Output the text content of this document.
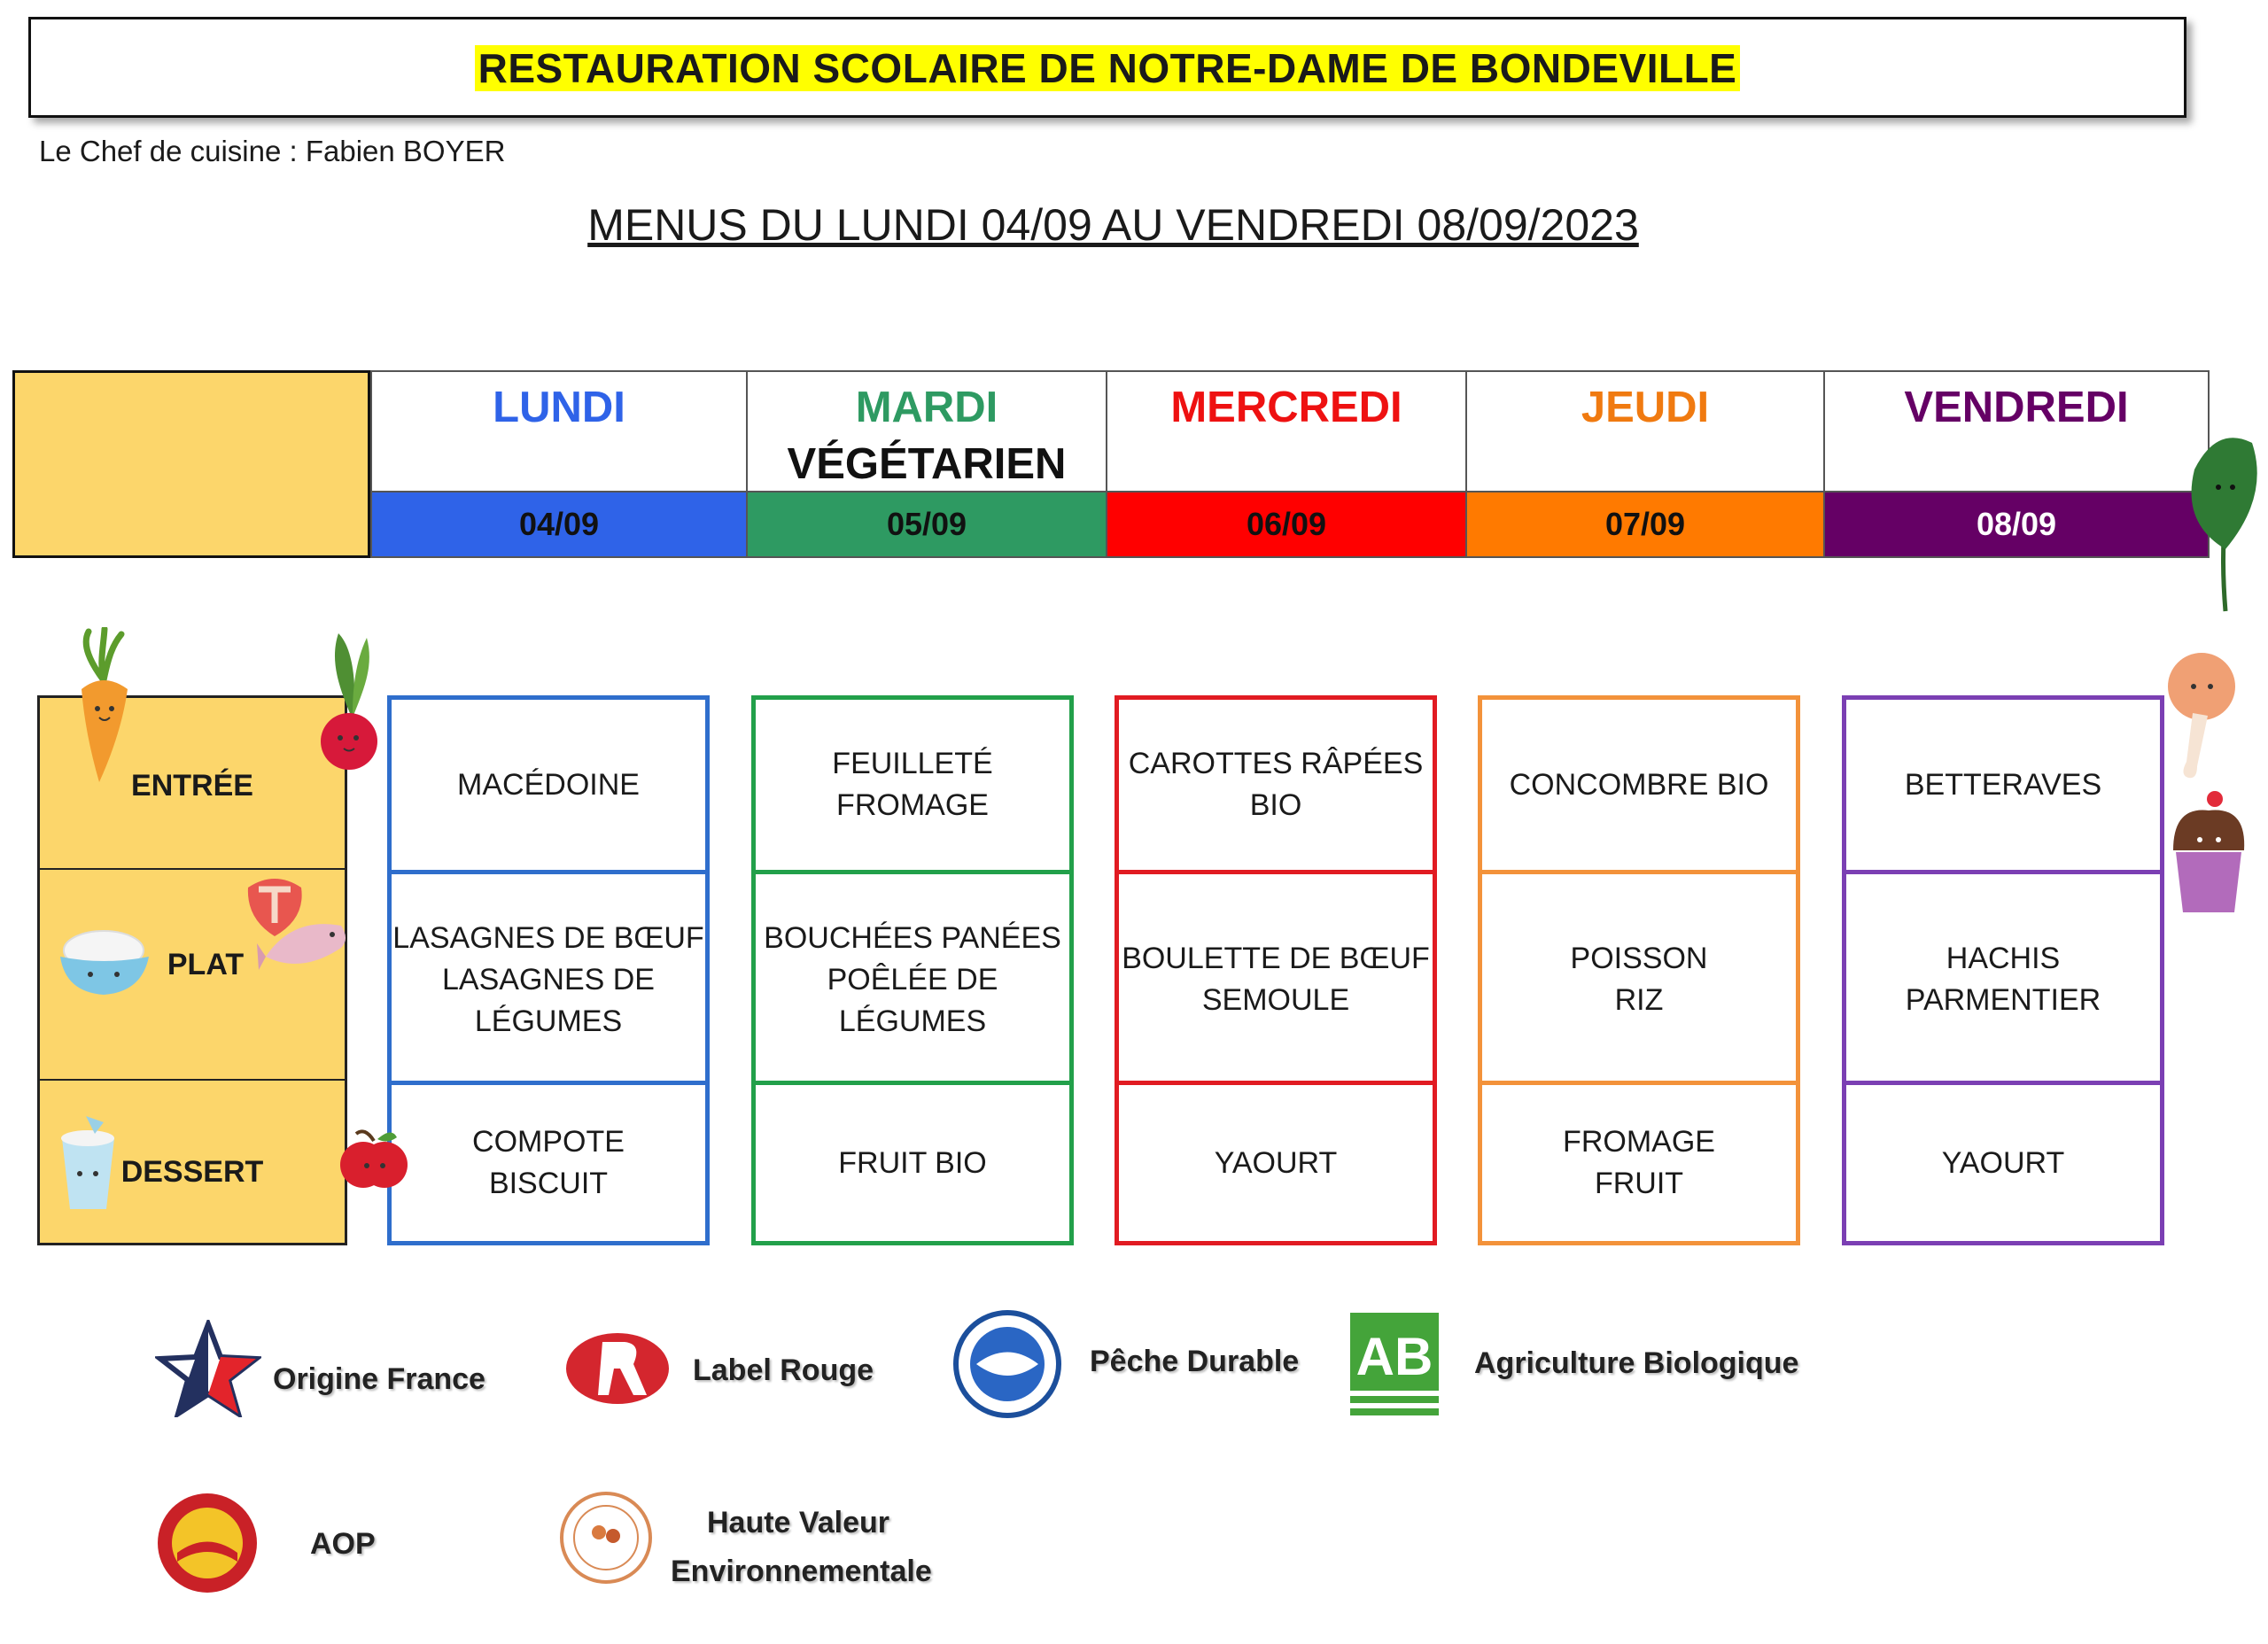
RESTAURATION SCOLAIRE DE NOTRE-DAME DE BONDEVILLE
Le Chef de cuisine : Fabien BOYER
MENUS DU LUNDI 04/09 AU VENDREDI 08/09/2023
LUNDI
04/09
MARDI
VÉGÉTARIEN
05/09
MERCREDI
06/09
JEUDI
07/09
VENDREDI
08/09
ENTRÉE
PLAT
DESSERT
MACÉDOINE
LASAGNES DE BŒUF
LASAGNES DE
LÉGUMES
COMPOTE
BISCUIT
FEUILLETÉ
FROMAGE
BOUCHÉES PANÉES
POÊLÉE DE
LÉGUMES
FRUIT BIO
CAROTTES RÂPÉES
BIO
BOULETTE DE BŒUF
SEMOULE
YAOURT
CONCOMBRE BIO
POISSON
RIZ
FROMAGE
FRUIT
BETTERAVES
HACHIS
PARMENTIER
YAOURT
Origine France	Label Rouge	Pêche Durable AB Agriculture Biologique
AOP
Haute Valeur
Environnementale
